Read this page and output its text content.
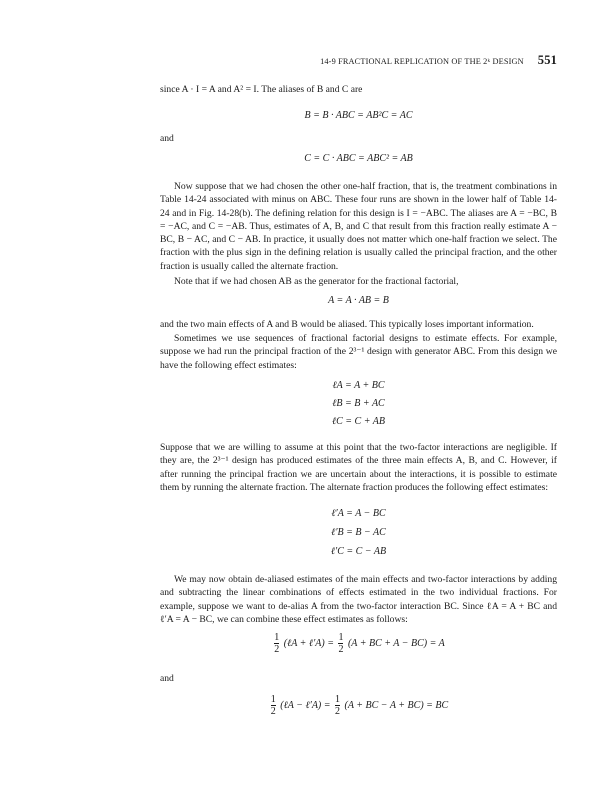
14-9 FRACTIONAL REPLICATION OF THE 2ᵏ DESIGN 551
since A · I = A and A² = I. The aliases of B and C are
B = B · ABC = AB²C = AC
and
C = C · ABC = ABC² = AB
Now suppose that we had chosen the other one-half fraction, that is, the treatment combinations in Table 14-24 associated with minus on ABC. These four runs are shown in the lower half of Table 14-24 and in Fig. 14-28(b). The defining relation for this design is I = −ABC. The aliases are A = −BC, B = −AC, and C = −AB. Thus, estimates of A, B, and C that result from this fraction really estimate A − BC, B − AC, and C − AB. In practice, it usually does not matter which one-half fraction we select. The fraction with the plus sign in the defining relation is usually called the principal fraction, and the other fraction is usually called the alternate fraction.
Note that if we had chosen AB as the generator for the fractional factorial,
A = A · AB = B
and the two main effects of A and B would be aliased. This typically loses important information.
Sometimes we use sequences of fractional factorial designs to estimate effects. For example, suppose we had run the principal fraction of the 2³⁻¹ design with generator ABC. From this design we have the following effect estimates:
ℓA = A + BC
ℓB = B + AC
ℓC = C + AB
Suppose that we are willing to assume at this point that the two-factor interactions are negligible. If they are, the 2³⁻¹ design has produced estimates of the three main effects A, B, and C. However, if after running the principal fraction we are uncertain about the interactions, it is possible to estimate them by running the alternate fraction. The alternate fraction produces the following effect estimates:
ℓ′A = A − BC
ℓ′B = B − AC
ℓ′C = C − AB
We may now obtain de-aliased estimates of the main effects and two-factor interactions by adding and subtracting the linear combinations of effects estimated in the two individual fractions. For example, suppose we want to de-alias A from the two-factor interaction BC. Since ℓA = A + BC and ℓ′A = A − BC, we can combine these effect estimates as follows:
$\frac{1}{2}$ (ℓA + ℓ′A) = $\frac{1}{2} (A$ + BC + A − BC) = A
and
$\frac{1}{2}$ (ℓA − ℓ′A) = $\frac{1}{2} (A$ + BC − A + BC) = BC
